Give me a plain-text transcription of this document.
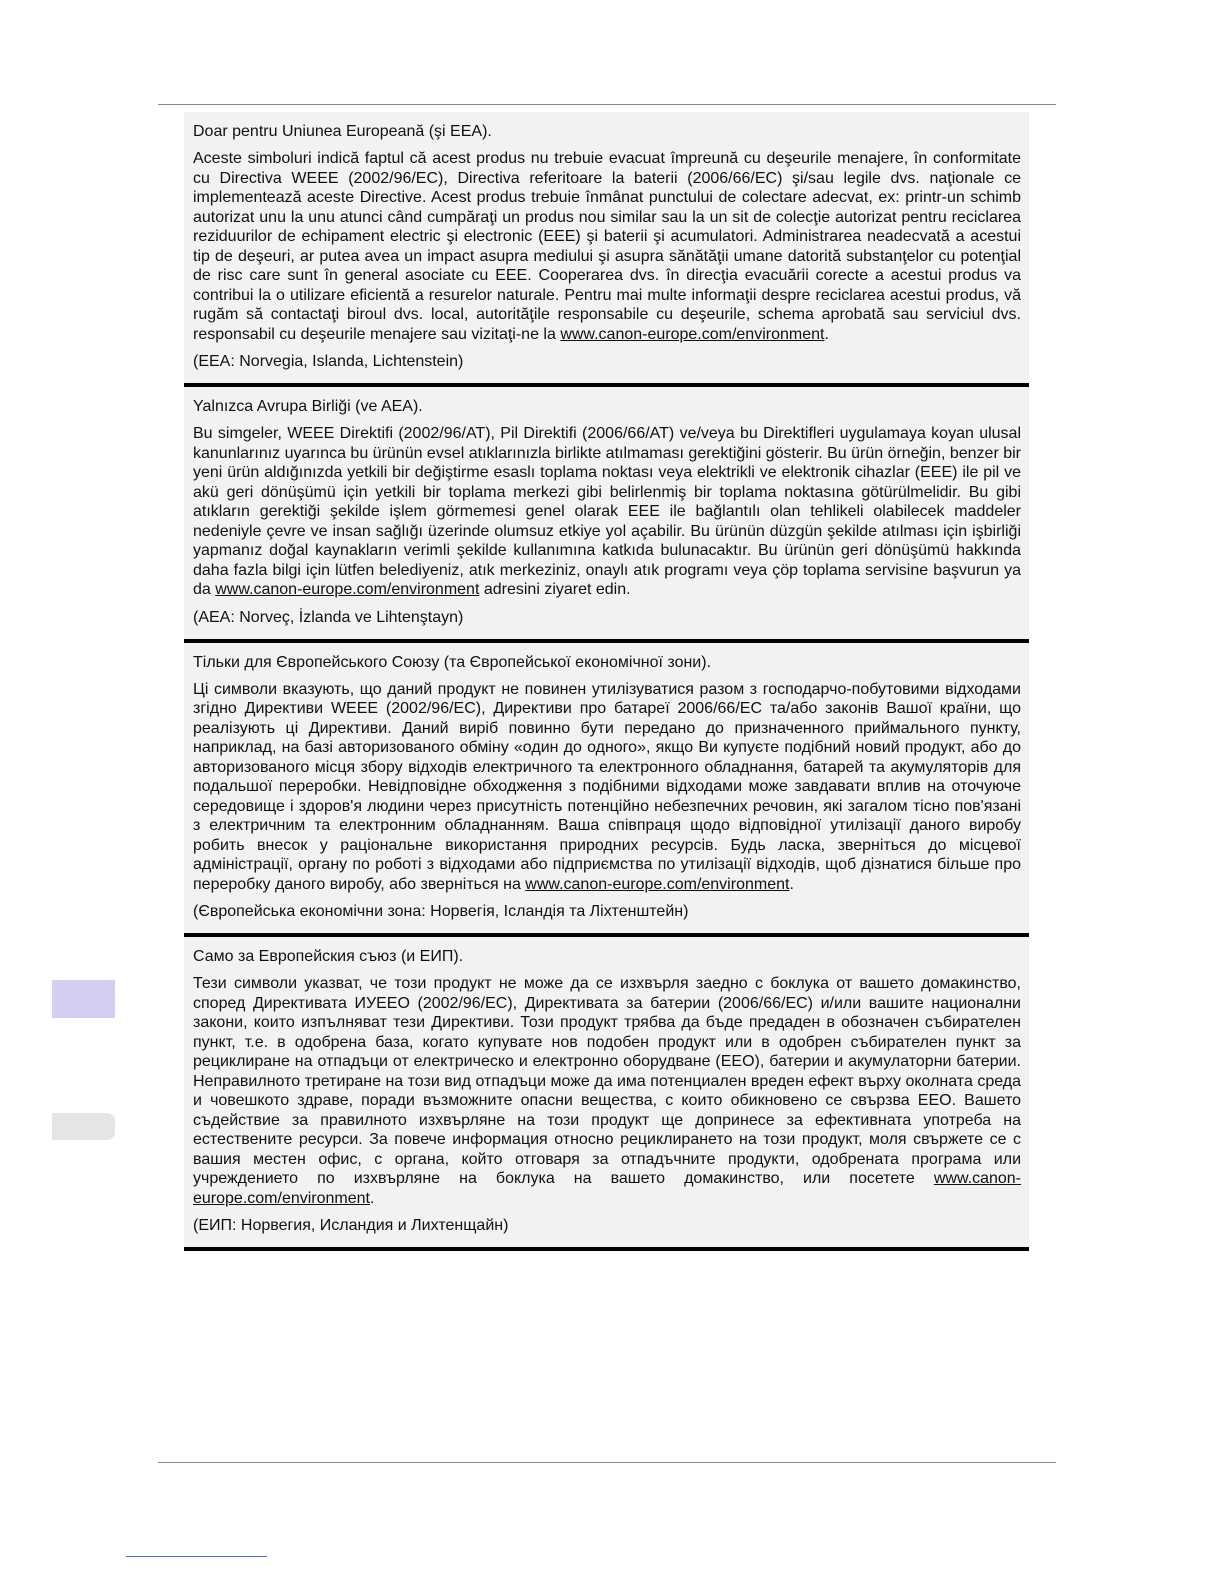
Doar pentru Uniunea Europeană (şi EEA).

Aceste simboluri indică faptul că acest produs nu trebuie evacuat împreună cu deşeurile menajere, în conformitate cu Directiva WEEE (2002/96/EC), Directiva referitoare la baterii (2006/66/EC) şi/sau legile dvs. naţionale ce implementează aceste Directive. Acest produs trebuie înmânat punctului de colectare adecvat, ex: printr-un schimb autorizat unu la unu atunci când cumpăraţi un produs nou similar sau la un sit de colecţie autorizat pentru reciclarea reziduurilor de echipament electric şi electronic (EEE) şi baterii şi acumulatori. Administrarea neadecvată a acestui tip de deşeuri, ar putea avea un impact asupra mediului şi asupra sănătăţii umane datorită substanţelor cu potenţial de risc care sunt în general asociate cu EEE. Cooperarea dvs. în direcţia evacuării corecte a acestui produs va contribui la o utilizare eficientă a resurelor naturale. Pentru mai multe informaţii despre reciclarea acestui produs, vă rugăm să contactaţi biroul dvs. local, autorităţile responsabile cu deşeurile, schema aprobată sau serviciul dvs. responsabil cu deşeurile menajere sau vizitaţi-ne la www.canon-europe.com/environment.

(EEA: Norvegia, Islanda, Lichtenstein)

Yalnızca Avrupa Birliği (ve AEA).

Bu simgeler, WEEE Direktifi (2002/96/AT), Pil Direktifi (2006/66/AT) ve/veya bu Direktifleri uygulamaya koyan ulusal kanunlarınız uyarınca bu ürünün evsel atıklarınızla birlikte atılmaması gerektiğini gösterir. Bu ürün örneğin, benzer bir yeni ürün aldığınızda yetkili bir değiştirme esaslı toplama noktası veya elektrikli ve elektronik cihazlar (EEE) ile pil ve akü geri dönüşümü için yetkili bir toplama merkezi gibi belirlenmiş bir toplama noktasına götürülmelidir. Bu gibi atıkların gerektiği şekilde işlem görmemesi genel olarak EEE ile bağlantılı olan tehlikeli olabilecek maddeler nedeniyle çevre ve insan sağlığı üzerinde olumsuz etkiye yol açabilir. Bu ürünün düzgün şekilde atılması için işbirliği yapmanız doğal kaynakların verimli şekilde kullanımına katkıda bulunacaktır. Bu ürünün geri dönüşümü hakkında daha fazla bilgi için lütfen belediyeniz, atık merkeziniz, onaylı atık programı veya çöp toplama servisine başvurun ya da www.canon-europe.com/environment adresini ziyaret edin.

(AEA: Norveç, İzlanda ve Lihtenştayn)

Тільки для Європейського Союзу (та Європейської економічної зони).

Ці символи вказують, що даний продукт не повинен утилізуватися разом з господарчо-побутовими відходами згідно Директиви WEEE (2002/96/EC), Директиви про батареї 2006/66/EC та/або законів Вашої країни, що реалізують ці Директиви. Даний виріб повинно бути передано до призначенного приймального пункту, наприклад, на базі авторизованого обміну «один до одного», якщо Ви купуєте подібний новий продукт, або до авторизованого місця збору відходів електричного та електронного обладнання, батарей та акумуляторів для подальшої переробки. Невідповідне обходження з подібними відходами може завдавати вплив на оточуюче середовище і здоров'я людини через присутність потенційно небезпечних речовин, які загалом тісно пов'язані з електричним та електронним обладнанням. Ваша співпраця щодо відповідної утилізації даного виробу робить внесок у раціональне використання природних ресурсів. Будь ласка, зверніться до місцевої адміністрації, органу по роботі з відходами або підприємства по утилізації відходів, щоб дізнатися більше про переробку даного виробу, або зверніться на www.canon-europe.com/environment.

(Європейська економічни зона: Норвегія, Ісландія та Ліхтенштейн)

Само за Европейския съюз (и ЕИП).

Тези символи указват, че този продукт не може да се изхвърля заедно с боклука от вашето домакинство, според Директивата ИУЕЕО (2002/96/EC), Директивата за батерии (2006/66/EC) и/или вашите национални закони, които изпълняват тези Директиви. Този продукт трябва да бъде предаден в обозначен събирателен пункт, т.е. в одобрена база, когато купувате нов подобен продукт или в одобрен събирателен пункт за рециклиране на отпадъци от електрическо и електронно оборудване (ЕЕО), батерии и акумулаторни батерии. Неправилното третиране на този вид отпадъци може да има потенциален вреден ефект върху околната среда и човешкото здраве, поради възможните опасни вещества, с които обикновено се свързва ЕЕО. Вашето съдействие за правилното изхвърляне на този продукт ще допринесе за ефективната употреба на естествените ресурси. За повече информация относно рециклирането на този продукт, моля свържете се с вашия местен офис, с органа, който отговаря за отпадъчните продукти, одобрената програма или учреждението по изхвърляне на боклука на вашето домакинство, или посетете www.canon-europe.com/environment.

(ЕИП: Норвегия, Исландия и Лихтенщайн)
